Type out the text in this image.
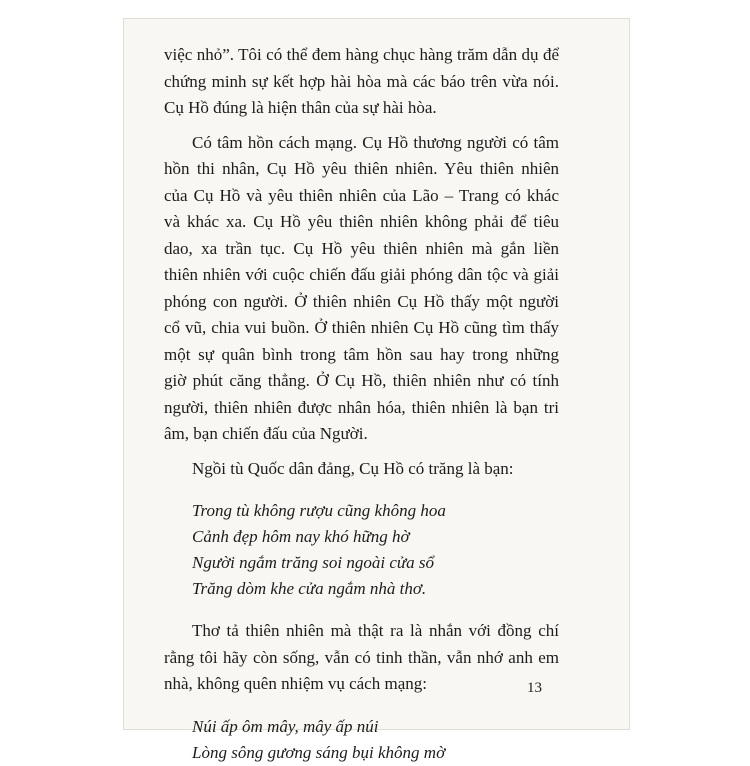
việc nhỏ”. Tôi có thể đem hàng chục hàng trăm dẫn dụ để
chứng minh sự kết hợp hài hòa mà các báo trên vừa nói.
Cụ Hồ đúng là hiện thân của sự hài hòa.

Có tâm hồn cách mạng. Cụ Hồ thương người có tâm
hồn thi nhân, Cụ Hồ yêu thiên nhiên. Yêu thiên nhiên
của Cụ Hồ và yêu thiên nhiên của Lão – Trang có khác
và khác xa. Cụ Hồ yêu thiên nhiên không phải để tiêu
dao, xa trần tục. Cụ Hồ yêu thiên nhiên mà gắn liền
thiên nhiên với cuộc chiến đấu giải phóng dân tộc và giải
phóng con người. Ở thiên nhiên Cụ Hồ thấy một người
cổ vũ, chia vui buồn. Ở thiên nhiên Cụ Hồ cũng tìm thấy
một sự quân bình trong tâm hồn sau hay trong những
giờ phút căng thẳng. Ở Cụ Hồ, thiên nhiên như có tính
người, thiên nhiên được nhân hóa, thiên nhiên là bạn tri
âm, bạn chiến đấu của Người.

Ngồi tù Quốc dân đảng, Cụ Hồ có trăng là bạn:

Trong tù không rượu cũng không hoa
Cảnh đẹp hôm nay khó hững hờ
Người ngắm trăng soi ngoài cửa sổ
Trăng dòm khe cửa ngắm nhà thơ.

Thơ tả thiên nhiên mà thật ra là nhắn với đồng chí
rằng tôi hãy còn sống, vẫn có tinh thần, vẫn nhớ anh em
nhà, không quên nhiệm vụ cách mạng:

Núi ấp ôm mây, mây ấp núi
Lòng sông gương sáng bụi không mờ
13
